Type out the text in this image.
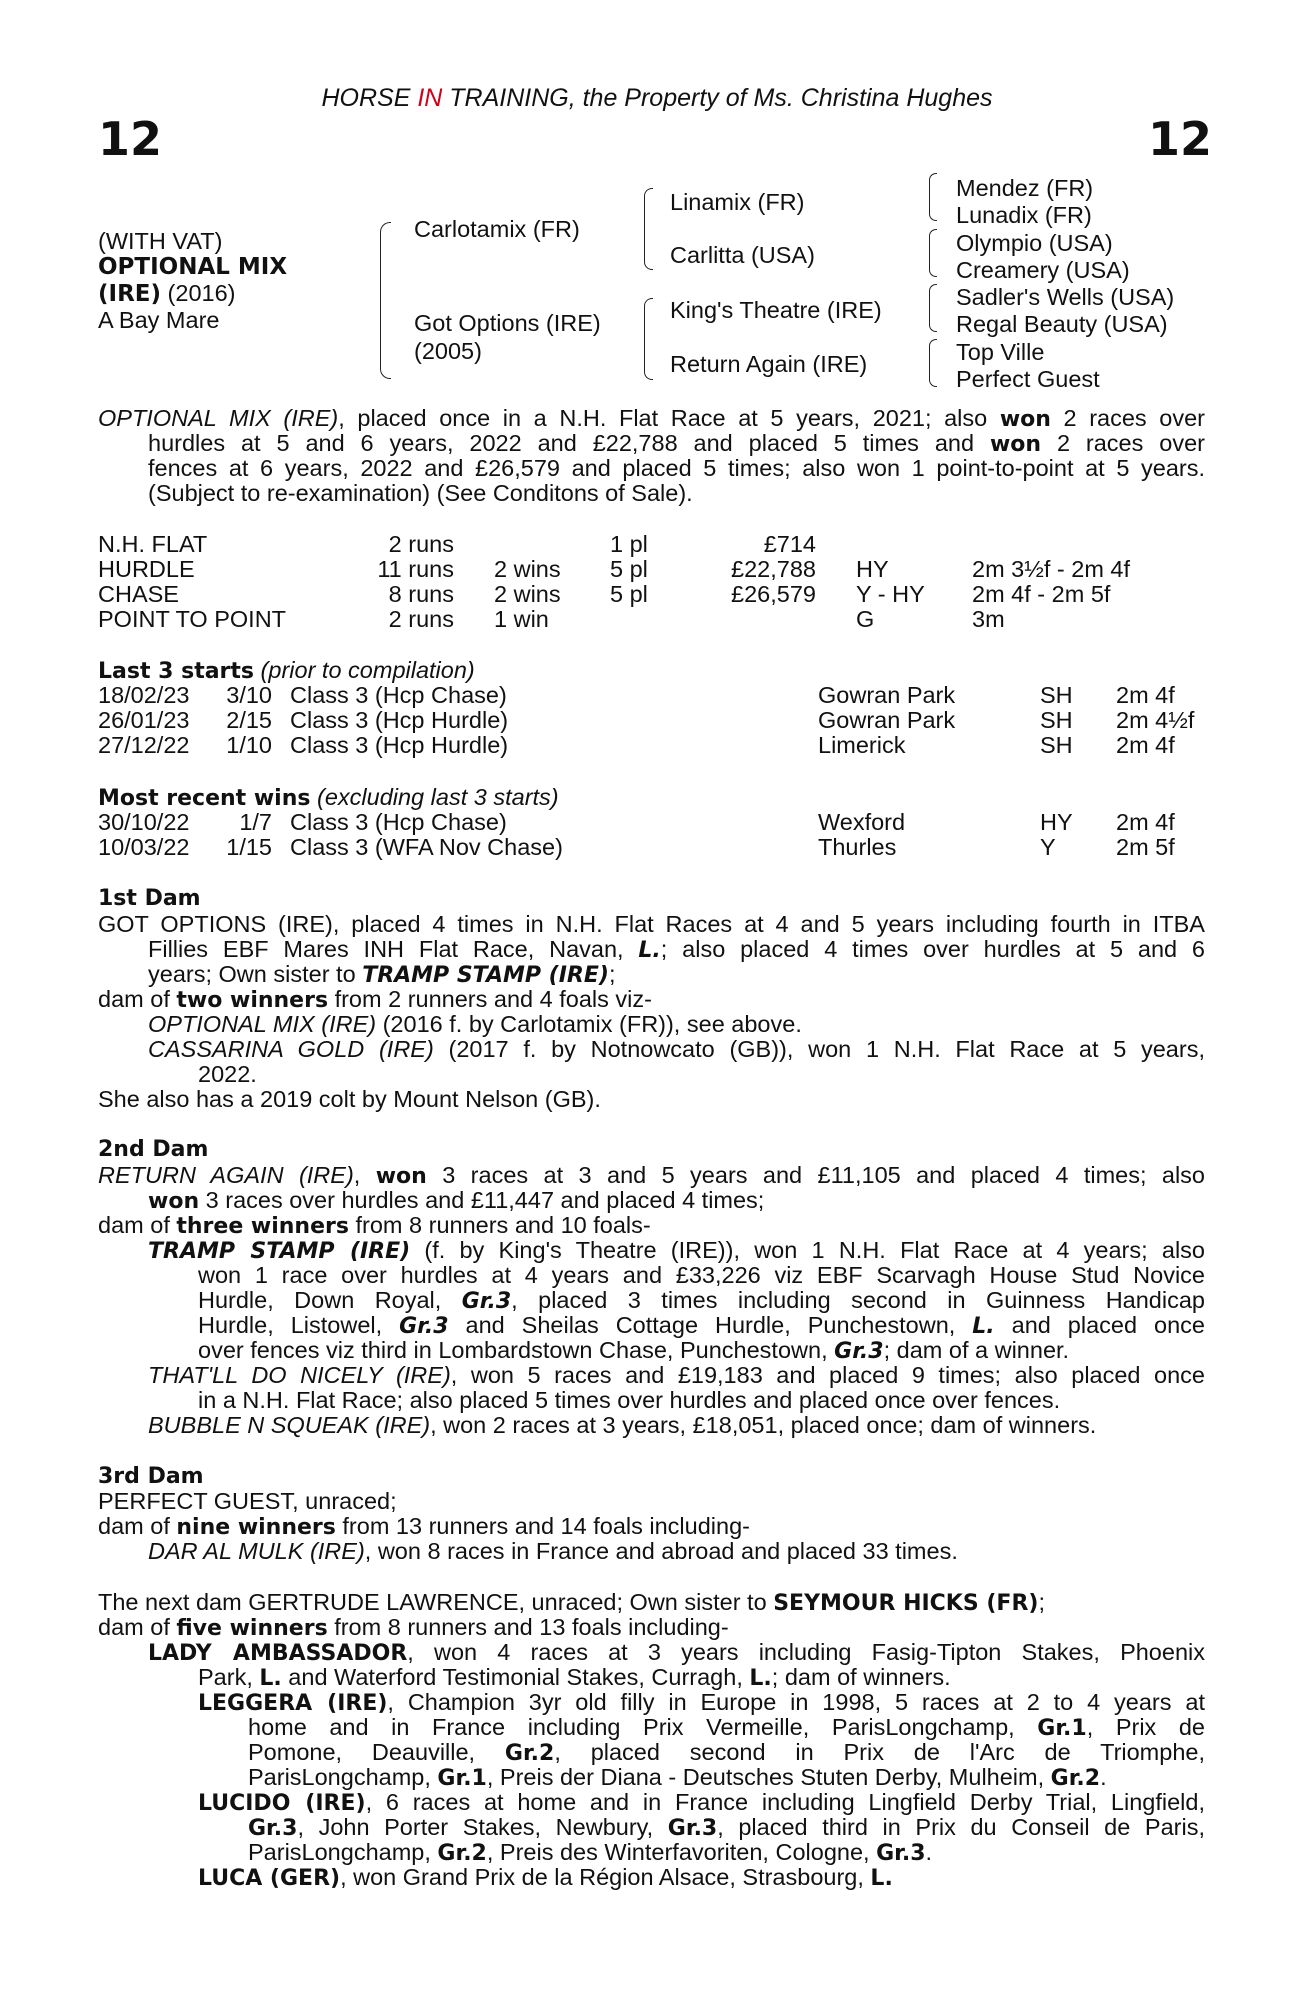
HORSE IN TRAINING, the Property of Ms. Christina Hughes
12	12
(WITH VAT)
OPTIONAL MIX
(IRE) (2016)
A Bay Mare
Carlotamix (FR)
Got Options (IRE)
(2005)
Linamix (FR)
Carlitta (USA)
King's Theatre (IRE)
Return Again (IRE)
Mendez (FR)
Lunadix (FR)
Olympio (USA)
Creamery (USA)
Sadler's Wells (USA)
Regal Beauty (USA)
Top Ville
Perfect Guest
OPTIONAL MIX (IRE), placed once in a N.H. Flat Race at 5 years, 2021; also won 2 races over
hurdles at 5 and 6 years, 2022 and £22,788 and placed 5 times and won 2 races over
fences at 6 years, 2022 and £26,579 and placed 5 times; also won 1 point-to-point at 5 years.
(Subject to re-examination) (See Conditons of Sale).
N.H. FLAT	2 runs	1 pl	£714
HURDLE	11 runs 2 wins 5 pl	£22,788 HY	2m 3½f - 2m 4f
CHASE	8 runs 2 wins 5 pl	£26,579 Y - HY 2m 4f - 2m 5f
POINT TO POINT	2 runs 1 win	G	3m
Last 3 starts (prior to compilation)
18/02/23	3/10 Class 3 (Hcp Chase)	Gowran Park	SH 2m 4f
26/01/23	2/15 Class 3 (Hcp Hurdle)	Gowran Park	SH 2m 4½f
27/12/22	1/10 Class 3 (Hcp Hurdle)	Limerick	SH 2m 4f
Most recent wins (excluding last 3 starts)
30/10/22	1/7 Class 3 (Hcp Chase)	Wexford	HY 2m 4f
10/03/22	1/15 Class 3 (WFA Nov Chase)	Thurles	Y	2m 5f
1st Dam
GOT OPTIONS (IRE), placed 4 times in N.H. Flat Races at 4 and 5 years including fourth in ITBA
Fillies EBF Mares INH Flat Race, Navan, L.; also placed 4 times over hurdles at 5 and 6
years; Own sister to TRAMP STAMP (IRE);
dam of two winners from 2 runners and 4 foals viz-
OPTIONAL MIX (IRE) (2016 f. by Carlotamix (FR)), see above.
CASSARINA GOLD (IRE) (2017 f. by Notnowcato (GB)), won 1 N.H. Flat Race at 5 years,
2022.
She also has a 2019 colt by Mount Nelson (GB).
2nd Dam
RETURN AGAIN (IRE), won 3 races at 3 and 5 years and £11,105 and placed 4 times; also
won 3 races over hurdles and £11,447 and placed 4 times;
dam of three winners from 8 runners and 10 foals-
TRAMP STAMP (IRE) (f. by King's Theatre (IRE)), won 1 N.H. Flat Race at 4 years; also
won 1 race over hurdles at 4 years and £33,226 viz EBF Scarvagh House Stud Novice
Hurdle, Down Royal, Gr.3, placed 3 times including second in Guinness Handicap
Hurdle, Listowel, Gr.3 and Sheilas Cottage Hurdle, Punchestown, L. and placed once
over fences viz third in Lombardstown Chase, Punchestown, Gr.3; dam of a winner.
THAT'LL DO NICELY (IRE), won 5 races and £19,183 and placed 9 times; also placed once
in a N.H. Flat Race; also placed 5 times over hurdles and placed once over fences.
BUBBLE N SQUEAK (IRE), won 2 races at 3 years, £18,051, placed once; dam of winners.
3rd Dam
PERFECT GUEST, unraced;
dam of nine winners from 13 runners and 14 foals including-
DAR AL MULK (IRE), won 8 races in France and abroad and placed 33 times.
The next dam GERTRUDE LAWRENCE, unraced; Own sister to SEYMOUR HICKS (FR);
dam of five winners from 8 runners and 13 foals including-
LADY AMBASSADOR, won 4 races at 3 years including Fasig-Tipton Stakes, Phoenix
Park, L. and Waterford Testimonial Stakes, Curragh, L.; dam of winners.
LEGGERA (IRE), Champion 3yr old filly in Europe in 1998, 5 races at 2 to 4 years at
home and in France including Prix Vermeille, ParisLongchamp, Gr.1, Prix de
Pomone, Deauville, Gr.2, placed second in Prix de l'Arc de Triomphe,
ParisLongchamp, Gr.1, Preis der Diana - Deutsches Stuten Derby, Mulheim, Gr.2.
LUCIDO (IRE), 6 races at home and in France including Lingfield Derby Trial, Lingfield,
Gr.3, John Porter Stakes, Newbury, Gr.3, placed third in Prix du Conseil de Paris,
ParisLongchamp, Gr.2, Preis des Winterfavoriten, Cologne, Gr.3.
LUCA (GER), won Grand Prix de la Région Alsace, Strasbourg, L.
